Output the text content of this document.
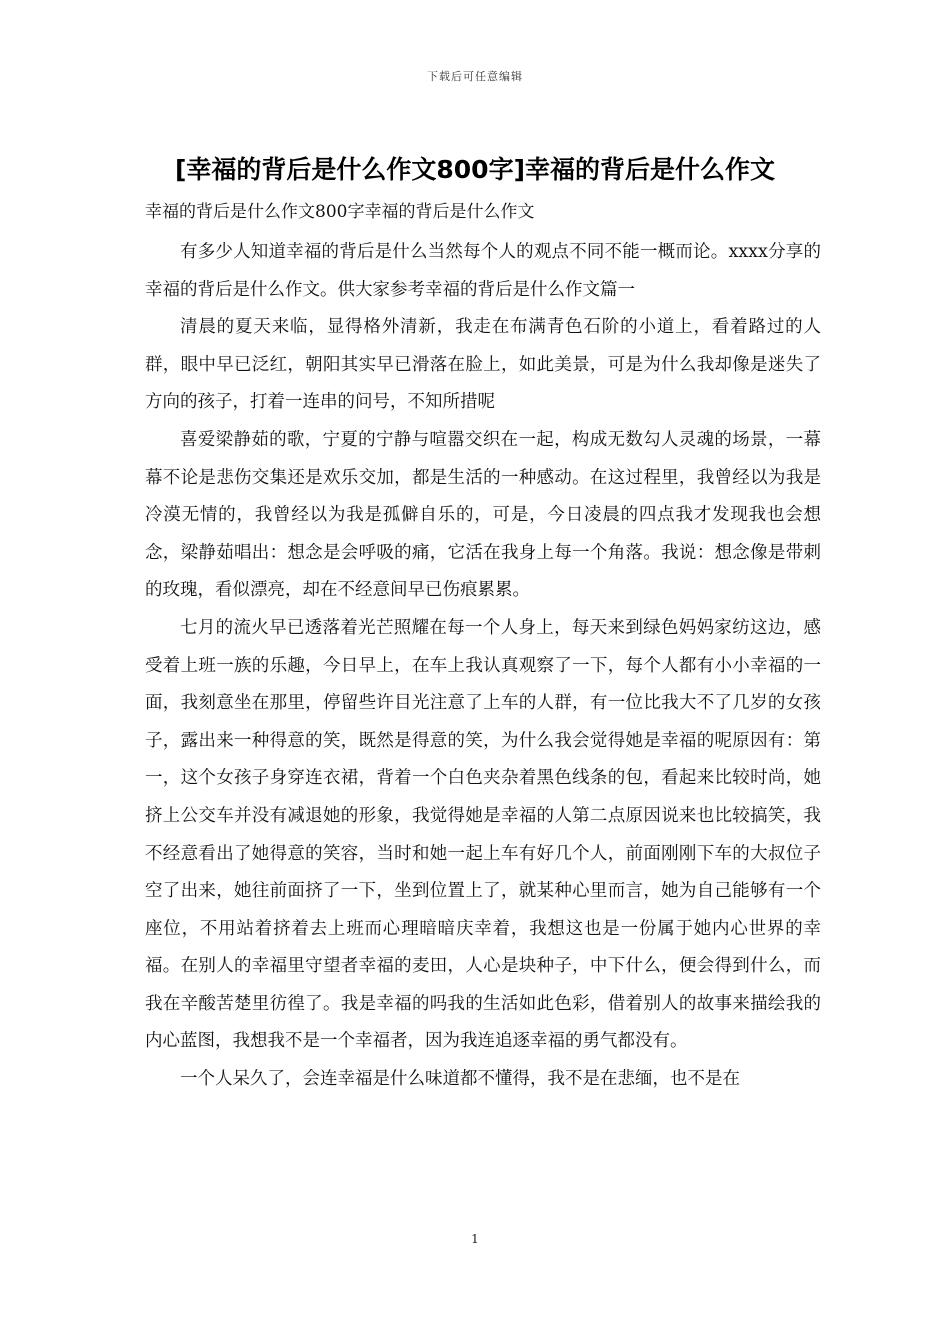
下载后可任意编辑
[幸福的背后是什么作文800字]幸福的背后是什么作文
幸福的背后是什么作文800字幸福的背后是什么作文

有多少人知道幸福的背后是什么当然每个人的观点不同不能一概而论。xxxx分享的幸福的背后是什么作文。供大家参考幸福的背后是什么作文篇一

清晨的夏天来临，显得格外清新，我走在布满青色石阶的小道上，看着路过的人群，眼中早已泛红，朝阳其实早已滑落在脸上，如此美景，可是为什么我却像是迷失了方向的孩子，打着一连串的问号，不知所措呢

喜爱梁静茹的歌，宁夏的宁静与喧嚣交织在一起，构成无数勾人灵魂的场景，一幕幕不论是悲伤交集还是欢乐交加，都是生活的一种感动。在这过程里，我曾经以为我是冷漠无情的，我曾经以为我是孤僻自乐的，可是，今日凌晨的四点我才发现我也会想念，梁静茹唱出：想念是会呼吸的痛，它活在我身上每一个角落。我说：想念像是带刺的玫瑰，看似漂亮，却在不经意间早已伤痕累累。

七月的流火早已透落着光芒照耀在每一个人身上，每天来到绿色妈妈家纺这边，感受着上班一族的乐趣，今日早上，在车上我认真观察了一下，每个人都有小小幸福的一面，我刻意坐在那里，停留些许目光注意了上车的人群，有一位比我大不了几岁的女孩子，露出来一种得意的笑，既然是得意的笑，为什么我会觉得她是幸福的呢原因有：第一，这个女孩子身穿连衣裙，背着一个白色夹杂着黑色线条的包，看起来比较时尚，她挤上公交车并没有减退她的形象，我觉得她是幸福的人第二点原因说来也比较搞笑，我不经意看出了她得意的笑容，当时和她一起上车有好几个人，前面刚刚下车的大叔位子空了出来，她往前面挤了一下，坐到位置上了，就某种心里而言，她为自己能够有一个座位，不用站着挤着去上班而心理暗暗庆幸着，我想这也是一份属于她内心世界的幸福。在别人的幸福里守望者幸福的麦田，人心是块种子，中下什么，便会得到什么，而我在辛酸苦楚里彷徨了。我是幸福的吗我的生活如此色彩，借着别人的故事来描绘我的内心蓝图，我想我不是一个幸福者，因为我连追逐幸福的勇气都没有。

一个人呆久了，会连幸福是什么味道都不懂得，我不是在悲缅，也不是在

1
